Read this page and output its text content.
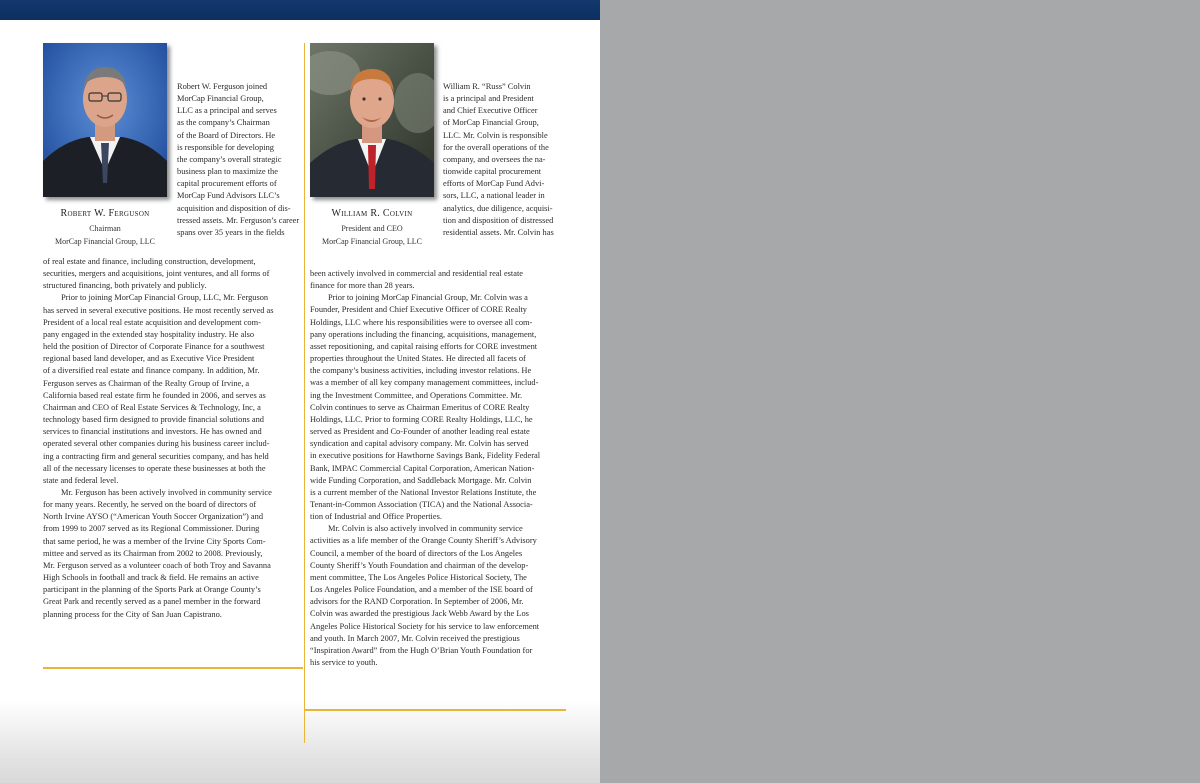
Robert W. Ferguson
Chairman
MorCap Financial Group, LLC
Robert W. Ferguson joined
MorCap Financial Group,
LLC as a principal and serves
as the company’s Chairman
of the Board of Directors. He
is responsible for developing
the company’s overall strategic
business plan to maximize the
capital procurement efforts of
MorCap Fund Advisors LLC’s
acquisition and disposition of dis-
tressed assets. Mr. Ferguson’s career
spans over 35 years in the fields
of real estate and finance, including construction, development,
securities, mergers and acquisitions, joint ventures, and all forms of
structured financing, both privately and publicly.
Prior to joining MorCap Financial Group, LLC, Mr. Ferguson
has served in several executive positions. He most recently served as
President of a local real estate acquisition and development com-
pany engaged in the extended stay hospitality industry. He also
held the position of Director of Corporate Finance for a southwest
regional based land developer, and as Executive Vice President
of a diversified real estate and finance company. In addition, Mr.
Ferguson serves as Chairman of the Realty Group of Irvine, a
California based real estate firm he founded in 2006, and serves as
Chairman and CEO of Real Estate Services & Technology, Inc, a
technology based firm designed to provide financial solutions and
services to financial institutions and investors. He has owned and
operated several other companies during his business career includ-
ing a contracting firm and general securities company, and has held
all of the necessary licenses to operate these businesses at both the
state and federal level.
Mr. Ferguson has been actively involved in community service
for many years. Recently, he served on the board of directors of
North Irvine AYSO (“American Youth Soccer Organization”) and
from 1999 to 2007 served as its Regional Commissioner. During
that same period, he was a member of the Irvine City Sports Com-
mittee and served as its Chairman from 2002 to 2008. Previously,
Mr. Ferguson served as a volunteer coach of both Troy and Savanna
High Schools in football and track & field. He remains an active
participant in the planning of the Sports Park at Orange County’s
Great Park and recently served as a panel member in the forward
planning process for the City of San Juan Capistrano.
William R. Colvin
President and CEO
MorCap Financial Group, LLC
William R. “Russ” Colvin
is a principal and President
and Chief Executive Officer
of MorCap Financial Group,
LLC. Mr. Colvin is responsible
for the overall operations of the
company, and oversees the na-
tionwide capital procurement
efforts of MorCap Fund Advi-
sors, LLC, a national leader in
analytics, due diligence, acquisi-
tion and disposition of distressed
residential assets. Mr. Colvin has
been actively involved in commercial and residential real estate
finance for more than 28 years.
Prior to joining MorCap Financial Group, Mr. Colvin was a
Founder, President and Chief Executive Officer of CORE Realty
Holdings, LLC where his responsibilities were to oversee all com-
pany operations including the financing, acquisitions, management,
asset repositioning, and capital raising efforts for CORE investment
properties throughout the United States. He directed all facets of
the company’s business activities, including investor relations. He
was a member of all key company management committees, includ-
ing the Investment Committee, and Operations Committee. Mr.
Colvin continues to serve as Chairman Emeritus of CORE Realty
Holdings, LLC. Prior to forming CORE Realty Holdings, LLC, he
served as President and Co-Founder of another leading real estate
syndication and capital advisory company. Mr. Colvin has served
in executive positions for Hawthorne Savings Bank, Fidelity Federal
Bank, IMPAC Commercial Capital Corporation, American Nation-
wide Funding Corporation, and Saddleback Mortgage. Mr. Colvin
is a current member of the National Investor Relations Institute, the
Tenant-in-Common Association (TICA) and the National Associa-
tion of Industrial and Office Properties.
Mr. Colvin is also actively involved in community service
activities as a life member of the Orange County Sheriff’s Advisory
Council, a member of the board of directors of the Los Angeles
County Sheriff’s Youth Foundation and chairman of the develop-
ment committee, The Los Angeles Police Historical Society, The
Los Angeles Police Foundation, and a member of the ISE board of
advisors for the RAND Corporation. In September of 2006, Mr.
Colvin was awarded the prestigious Jack Webb Award by the Los
Angeles Police Historical Society for his service to law enforcement
and youth. In March 2007, Mr. Colvin received the prestigious
“Inspiration Award” from the Hugh O’Brian Youth Foundation for
his service to youth.
